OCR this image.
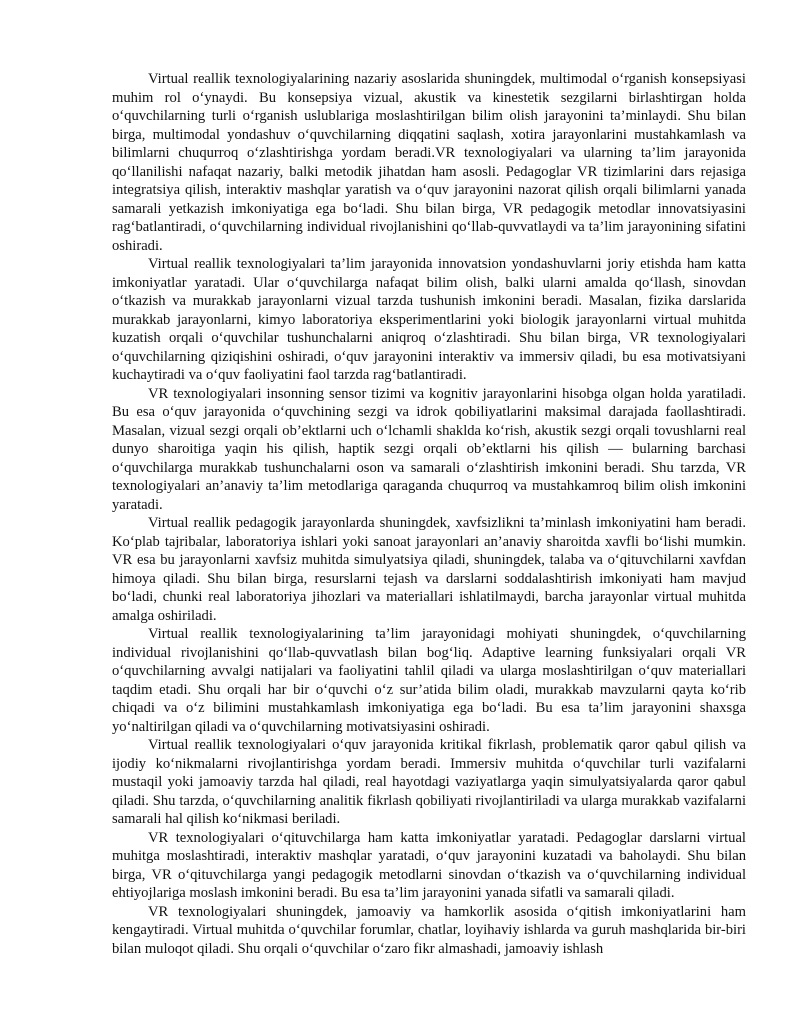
Virtual reallik texnologiyalarining nazariy asoslarida shuningdek, multimodal o‘rganish konsepsiyasi muhim rol o‘ynaydi. Bu konsepsiya vizual, akustik va kinestetik sezgilarni birlashtirgan holda o‘quvchilarning turli o‘rganish uslublariga moslashtirilgan bilim olish jarayonini ta’minlaydi. Shu bilan birga, multimodal yondashuv o‘quvchilarning diqqatini saqlash, xotira jarayonlarini mustahkamlash va bilimlarni chuqurroq o‘zlashtirishga yordam beradi.VR texnologiyalari va ularning ta’lim jarayonida qo‘llanilishi nafaqat nazariy, balki metodik jihatdan ham asosli. Pedagoglar VR tizimlarini dars rejasiga integratsiya qilish, interaktiv mashqlar yaratish va o‘quv jarayonini nazorat qilish orqali bilimlarni yanada samarali yetkazish imkoniyatiga ega bo‘ladi. Shu bilan birga, VR pedagogik metodlar innovatsiyasini rag‘batlantiradi, o‘quvchilarning individual rivojlanishini qo‘llab-quvvatlaydi va ta’lim jarayonining sifatini oshiradi.

Virtual reallik texnologiyalari ta’lim jarayonida innovatsion yondashuvlarni joriy etishda ham katta imkoniyatlar yaratadi. Ular o‘quvchilarga nafaqat bilim olish, balki ularni amalda qo‘llash, sinovdan o‘tkazish va murakkab jarayonlarni vizual tarzda tushunish imkonini beradi. Masalan, fizika darslarida murakkab jarayonlarni, kimyo laboratoriya eksperimentlarini yoki biologik jarayonlarni virtual muhitda kuzatish orqali o‘quvchilar tushunchalarni aniqroq o‘zlashtiradi. Shu bilan birga, VR texnologiyalari o‘quvchilarning qiziqishini oshiradi, o‘quv jarayonini interaktiv va immersiv qiladi, bu esa motivatsiyani kuchaytiradi va o‘quv faoliyatini faol tarzda rag‘batlantiradi.

VR texnologiyalari insonning sensor tizimi va kognitiv jarayonlarini hisobga olgan holda yaratiladi. Bu esa o‘quv jarayonida o‘quvchining sezgi va idrok qobiliyatlarini maksimal darajada faollashtiradi. Masalan, vizual sezgi orqali ob’ektlarni uch o‘lchamli shaklda ko‘rish, akustik sezgi orqali tovushlarni real dunyo sharoitiga yaqin his qilish, haptik sezgi orqali ob’ektlarni his qilish — bularning barchasi o‘quvchilarga murakkab tushunchalarni oson va samarali o‘zlashtirish imkonini beradi. Shu tarzda, VR texnologiyalari an’anaviy ta’lim metodlariga qaraganda chuqurroq va mustahkamroq bilim olish imkonini yaratadi.

Virtual reallik pedagogik jarayonlarda shuningdek, xavfsizlikni ta’minlash imkoniyatini ham beradi. Ko‘plab tajribalar, laboratoriya ishlari yoki sanoat jarayonlari an’anaviy sharoitda xavfli bo‘lishi mumkin. VR esa bu jarayonlarni xavfsiz muhitda simulyatsiya qiladi, shuningdek, talaba va o‘qituvchilarni xavfdan himoya qiladi. Shu bilan birga, resurslarni tejash va darslarni soddalashtirish imkoniyati ham mavjud bo‘ladi, chunki real laboratoriya jihozlari va materiallari ishlatilmaydi, barcha jarayonlar virtual muhitda amalga oshiriladi.

Virtual reallik texnologiyalarining ta’lim jarayonidagi mohiyati shuningdek, o‘quvchilarning individual rivojlanishini qo‘llab-quvvatlash bilan bog‘liq. Adaptive learning funksiyalari orqali VR o‘quvchilarning avvalgi natijalari va faoliyatini tahlil qiladi va ularga moslashtirilgan o‘quv materiallari taqdim etadi. Shu orqali har bir o‘quvchi o‘z sur’atida bilim oladi, murakkab mavzularni qayta ko‘rib chiqadi va o‘z bilimini mustahkamlash imkoniyatiga ega bo‘ladi. Bu esa ta’lim jarayonini shaxsga yo‘naltirilgan qiladi va o‘quvchilarning motivatsiyasini oshiradi.

Virtual reallik texnologiyalari o‘quv jarayonida kritikal fikrlash, problematik qaror qabul qilish va ijodiy ko‘nikmalarni rivojlantirishga yordam beradi. Immersiv muhitda o‘quvchilar turli vazifalarni mustaqil yoki jamoaviy tarzda hal qiladi, real hayotdagi vaziyatlarga yaqin simulyatsiyalarda qaror qabul qiladi. Shu tarzda, o‘quvchilarning analitik fikrlash qobiliyati rivojlantiriladi va ularga murakkab vazifalarni samarali hal qilish ko‘nikmasi beriladi.

VR texnologiyalari o‘qituvchilarga ham katta imkoniyatlar yaratadi. Pedagoglar darslarni virtual muhitga moslashtiradi, interaktiv mashqlar yaratadi, o‘quv jarayonini kuzatadi va baholaydi. Shu bilan birga, VR o‘qituvchilarga yangi pedagogik metodlarni sinovdan o‘tkazish va o‘quvchilarning individual ehtiyojlariga moslash imkonini beradi. Bu esa ta’lim jarayonini yanada sifatli va samarali qiladi.

VR texnologiyalari shuningdek, jamoaviy va hamkorlik asosida o‘qitish imkoniyatlarini ham kengaytiradi. Virtual muhitda o‘quvchilar forumlar, chatlar, loyihaviy ishlarda va guruh mashqlarida bir-biri bilan muloqot qiladi. Shu orqali o‘quvchilar o‘zaro fikr almashadi, jamoaviy ishlash
